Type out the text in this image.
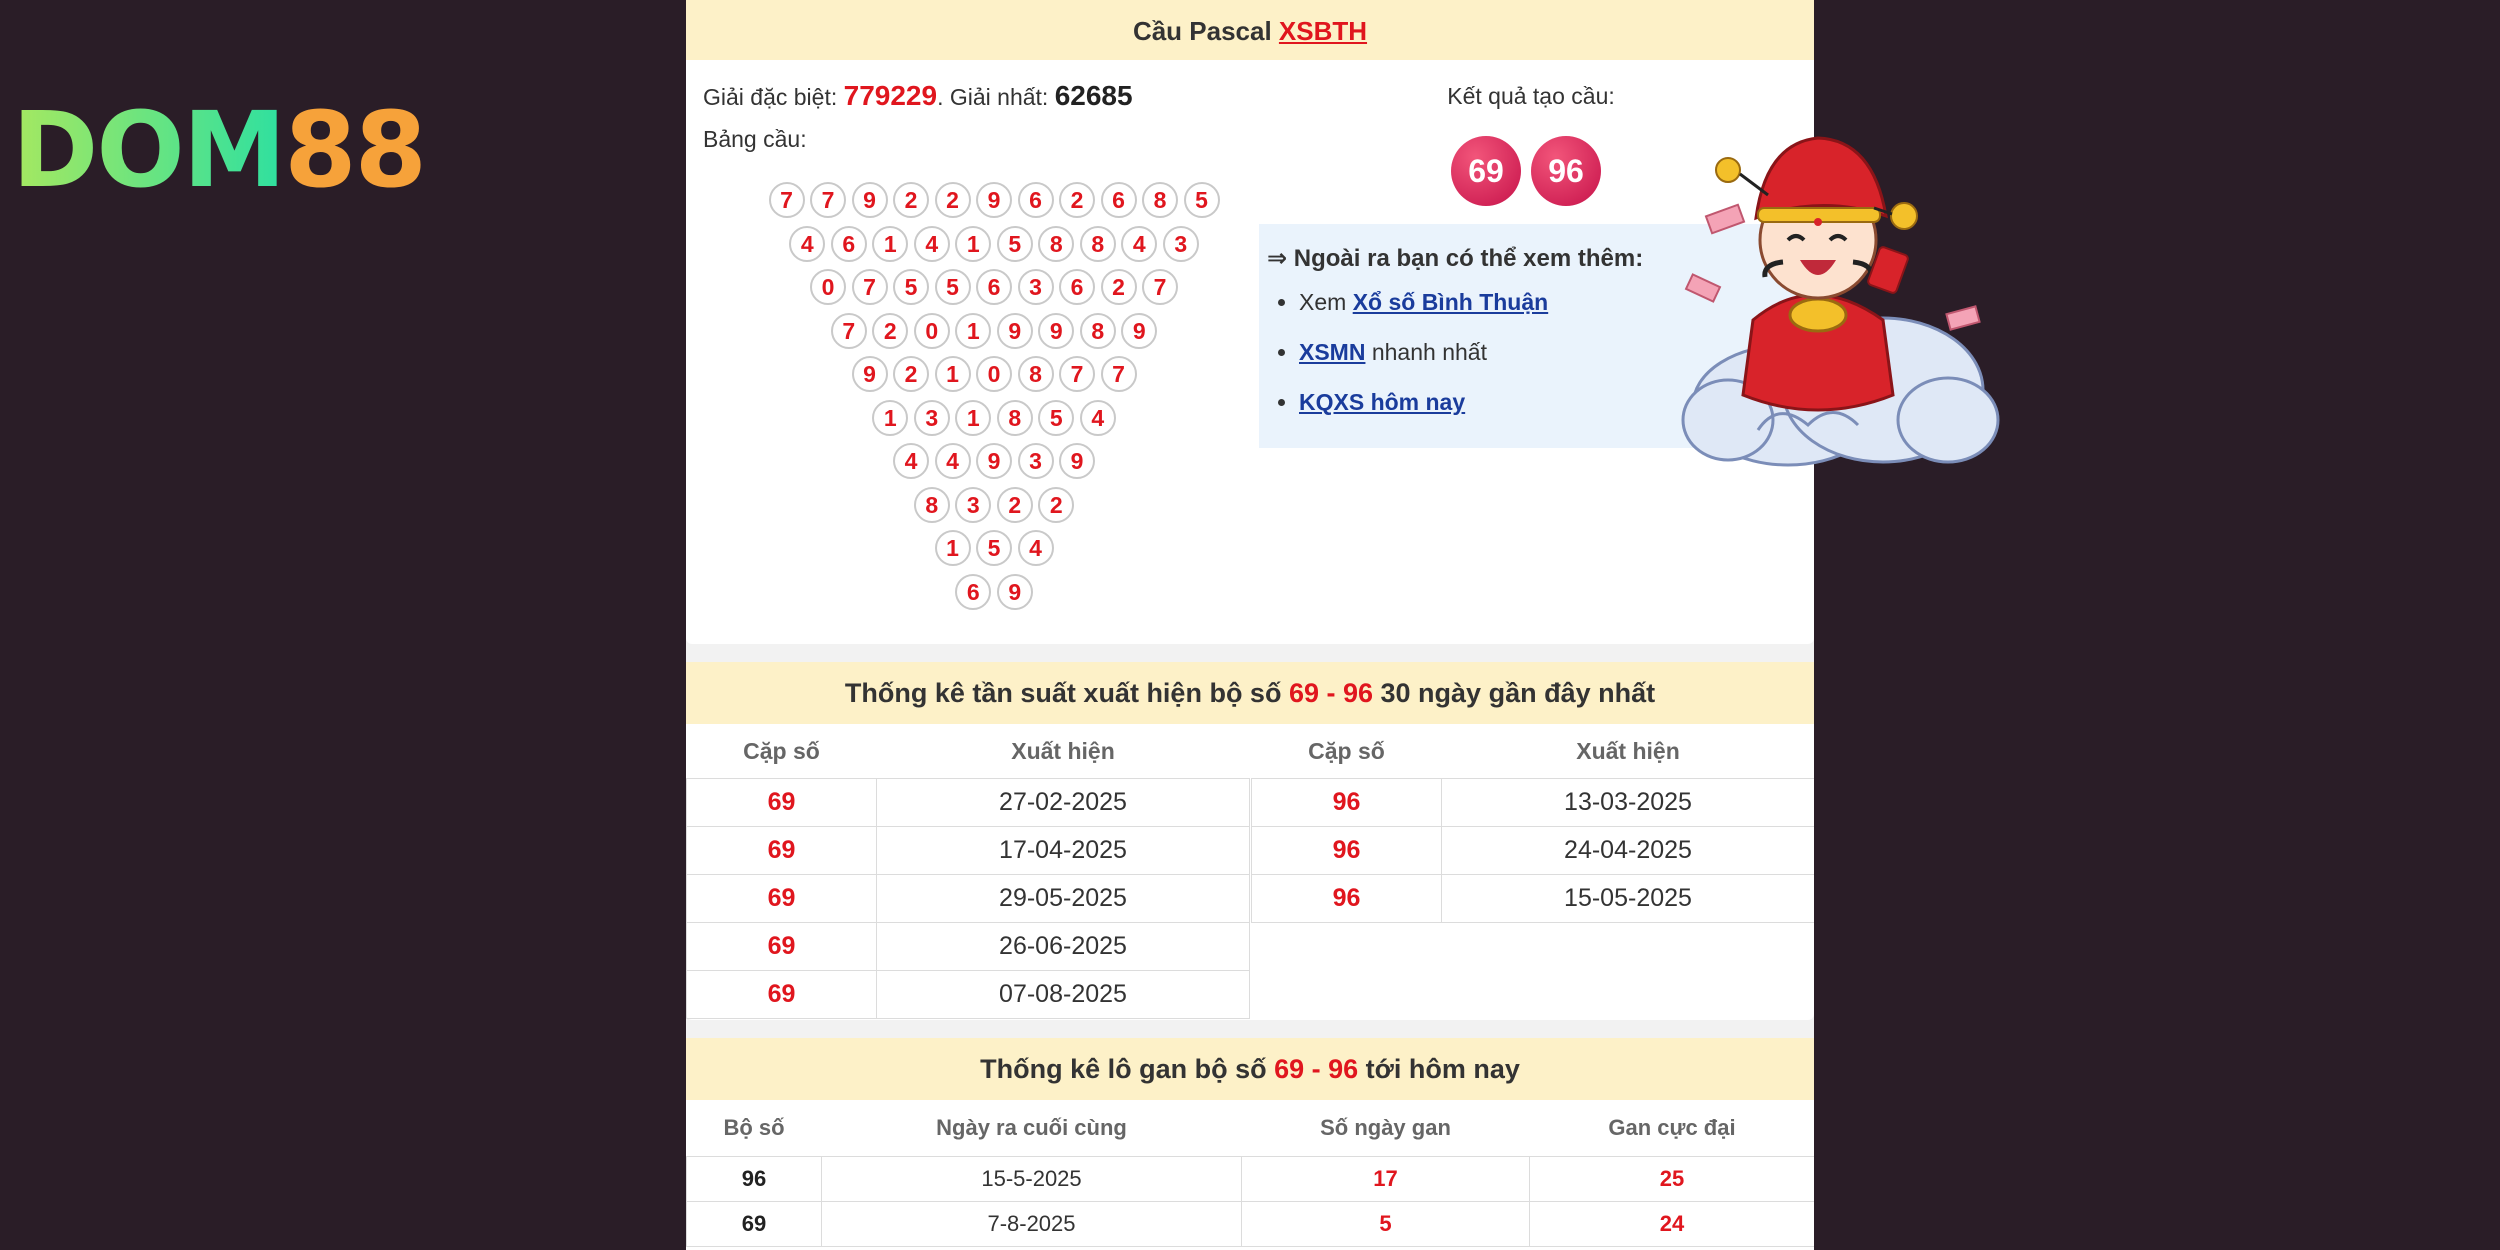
DOM88
Cầu Pascal XSBTH
Giải đặc biệt: 779229. Giải nhất: 62685
Bảng cầu:
7	7	9	2	2	9	6	2	6	8	5
4	6	1	4	1	5	8	8	4	3
0	7	5	5	6	3	6	2	7
7	2	0	1	9	9	8	9
9	2	1	0	8	7	7
1	3	1	8	5	4
4	4	9	3	9
8	3	2	2
1	5	4
6	9
Kết quả tạo cầu:
69	96
⇒ Ngoài ra bạn có thể xem thêm:
• Xem Xổ số Bình Thuận
• XSMN nhanh nhất
• KQXS hôm nay
Thống kê tần suất xuất hiện bộ số 69 - 96 30 ngày gần đây nhất
Cặp số	Xuất hiện
69	27-02-2025
69	17-04-2025
69	29-05-2025
69	26-06-2025
69	07-08-2025
Cặp số	Xuất hiện
96	13-03-2025
96	24-04-2025
96	15-05-2025
Thống kê lô gan bộ số 69 - 96 tới hôm nay
Bộ số	Ngày ra cuối cùng	Số ngày gan	Gan cực đại
96	15-5-2025	17	25
69	7-8-2025	5	24
